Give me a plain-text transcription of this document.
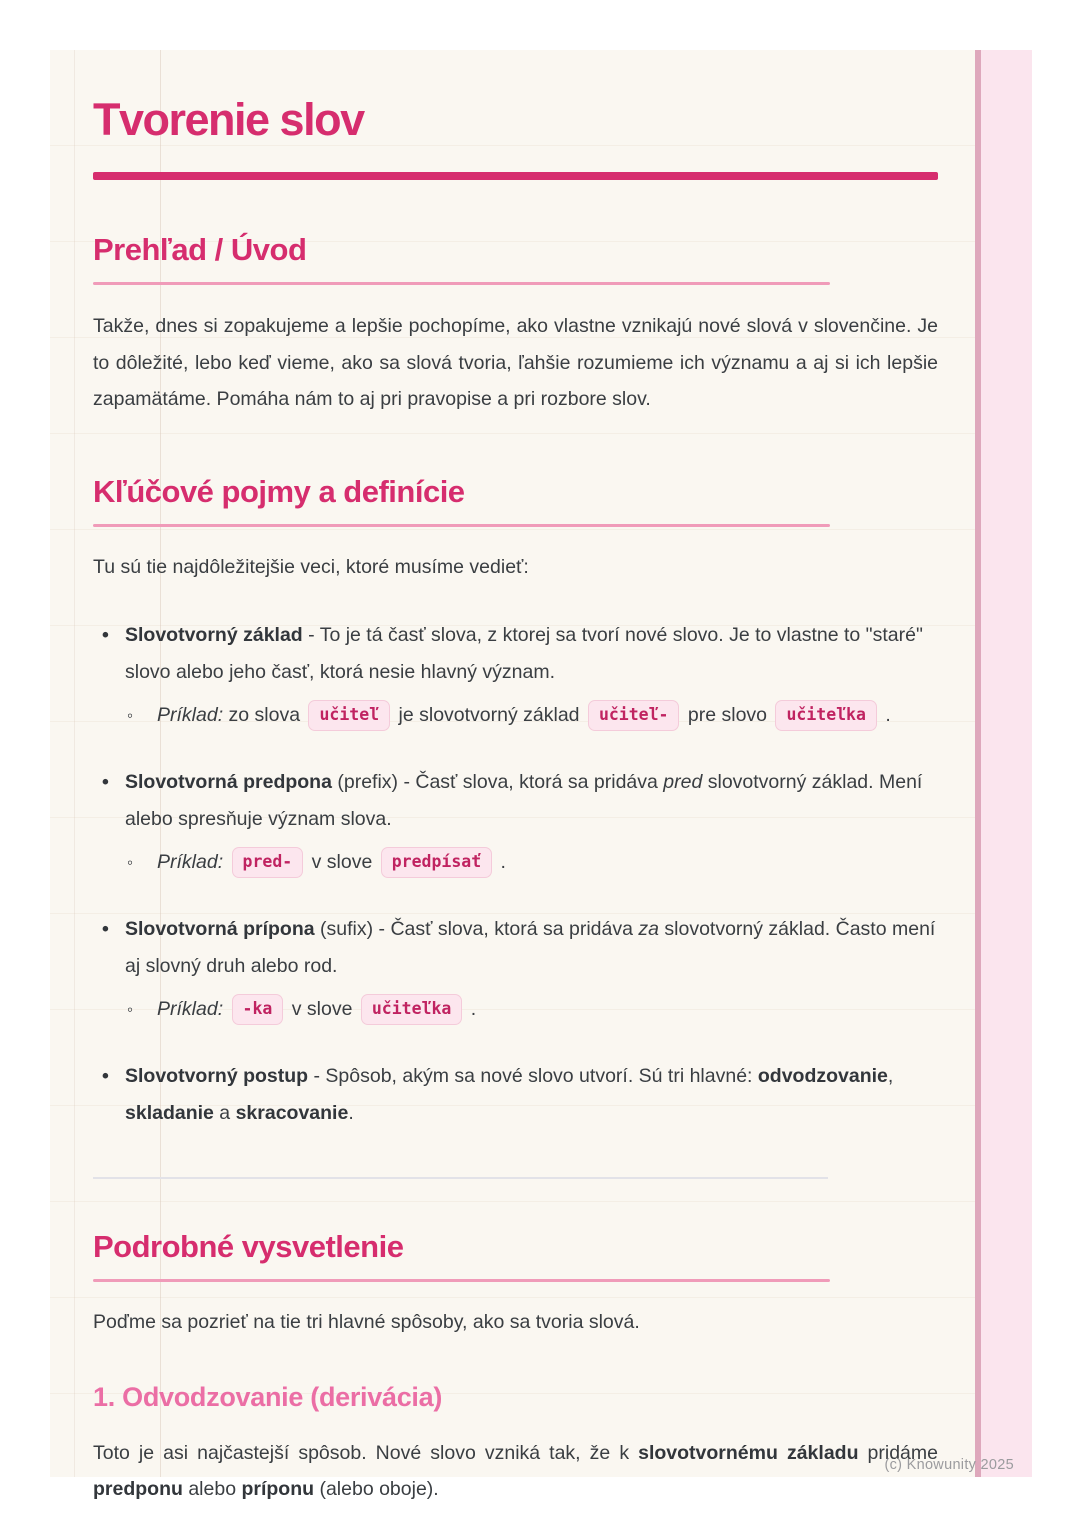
Tvorenie slov
Prehľad / Úvod

Takže, dnes si zopakujeme a lepšie pochopíme, ako vlastne vznikajú nové slová v slovenčine. Je to dôležité, lebo keď vieme, ako sa slová tvoria, ľahšie rozumieme ich významu a aj si ich lepšie zapamätáme. Pomáha nám to aj pri pravopise a pri rozbore slov.

Kľúčové pojmy a definície

Tu sú tie najdôležitejšie veci, ktoré musíme vedieť:

• Slovotvorný základ - To je tá časť slova, z ktorej sa tvorí nové slovo. Je to vlastne to "staré" slovo alebo jeho časť, ktorá nesie hlavný význam.
◦ Príklad: zo slova učiteľ je slovotvorný základ učiteľ- pre slovo učiteľka .
• Slovotvorná predpona (prefix) - Časť slova, ktorá sa pridáva pred slovotvorný základ. Mení alebo spresňuje význam slova.
◦ Príklad: pred- v slove predpísať .
• Slovotvorná prípona (sufix) - Časť slova, ktorá sa pridáva za slovotvorný základ. Často mení aj slovný druh alebo rod.
◦ Príklad: -ka v slove učiteľka .
• Slovotvorný postup - Spôsob, akým sa nové slovo utvorí. Sú tri hlavné: odvodzovanie, skladanie a skracovanie.
Podrobné vysvetlenie

Poďme sa pozrieť na tie tri hlavné spôsoby, ako sa tvoria slová.

1. Odvodzovanie (derivácia)

Toto je asi najčastejší spôsob. Nové slovo vzniká tak, že k slovotvornému základu pridáme predponu alebo príponu (alebo oboje).

(c) Knowunity 2025
